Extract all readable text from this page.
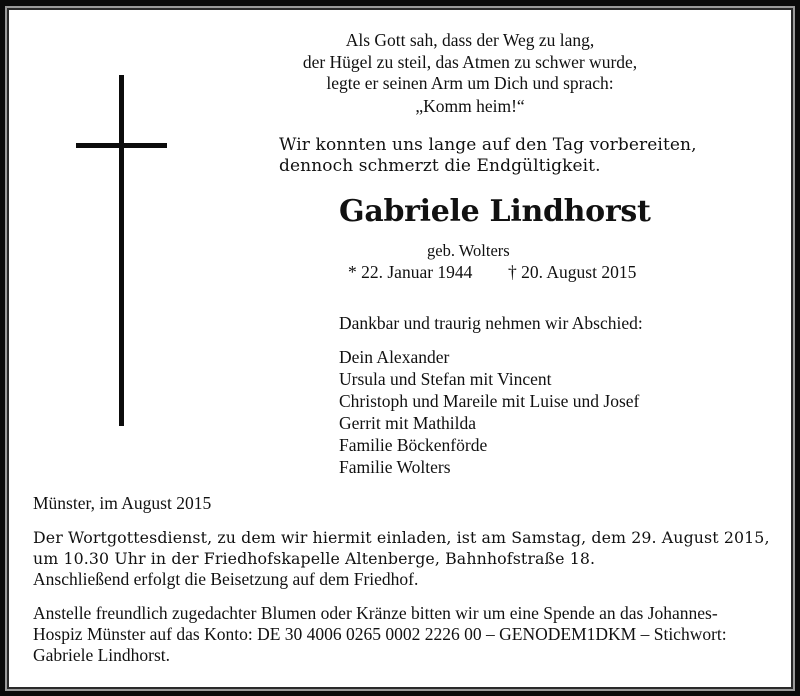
Als Gott sah, dass der Weg zu lang,
der Hügel zu steil, das Atmen zu schwer wurde,
legte er seinen Arm um Dich und sprach:
„Komm heim!“
Wir konnten uns lange auf den Tag vorbereiten,
dennoch schmerzt die Endgültigkeit.
Gabriele Lindhorst
geb. Wolters
* 22. Januar 1944 † 20. August 2015
Dankbar und traurig nehmen wir Abschied:
Dein Alexander
Ursula und Stefan mit Vincent
Christoph und Mareile mit Luise und Josef
Gerrit mit Mathilda
Familie Böckenförde
Familie Wolters
Münster, im August 2015
Der Wortgottesdienst, zu dem wir hiermit einladen, ist am Samstag, dem 29. August 2015,
um 10.30 Uhr in der Friedhofskapelle Altenberge, Bahnhofstraße 18.
Anschließend erfolgt die Beisetzung auf dem Friedhof.
Anstelle freundlich zugedachter Blumen oder Kränze bitten wir um eine Spende an das Johannes-
Hospiz Münster auf das Konto: DE 30 4006 0265 0002 2226 00 – GENODEM1DKM – Stichwort:
Gabriele Lindhorst.
